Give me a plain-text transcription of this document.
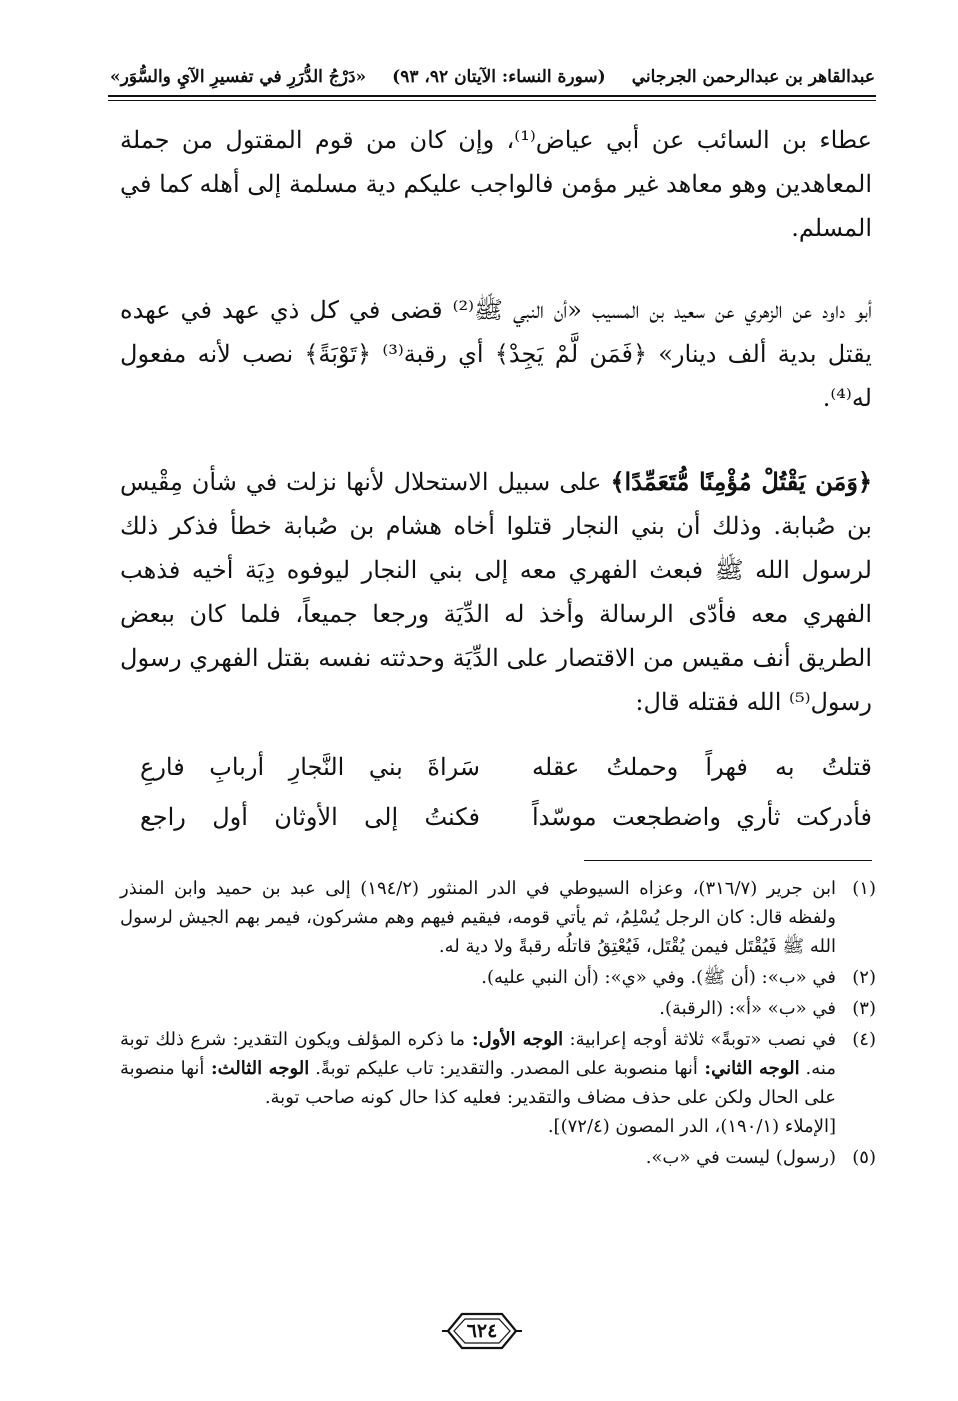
عبدالقاهر بن عبدالرحمن الجرجاني
(سورة النساء: الآيتان ٩٢، ٩٣)
«دَرْجُ الدُّرَرِ في تفسيرِ الآيِ والسُّوَر»
عطاء بن السائب عن أبي عياض⁽¹⁾، وإن كان من قوم المقتول من جملة المعاهدين وهو معاهد غير مؤمن فالواجب عليكم دية مسلمة إلى أهله كما في المسلم.
أبو داود عن الزهري عن سعيد بن المسيب «أن النبي ﷺ⁽²⁾ قضى في كل ذي عهد في عهده يقتل بدية ألف دينار» ﴿فَمَن لَّمْ يَجِدْ﴾ أي رقبة⁽³⁾ ﴿تَوْبَةً﴾ نصب لأنه مفعول له⁽⁴⁾.
﴿وَمَن يَقْتُلْ مُؤْمِنًا مُّتَعَمِّدًا﴾ على سبيل الاستحلال لأنها نزلت في شأن مِقْيس بن صُبابة. وذلك أن بني النجار قتلوا أخاه هشام بن صُبابة خطأ فذكر ذلك لرسول الله ﷺ فبعث الفهري معه إلى بني النجار ليوفوه دِيَة أخيه فذهب الفهري معه فأدّى الرسالة وأخذ له الدِّيَة ورجعا جميعاً، فلما كان ببعض الطريق أنف مقيس من الاقتصار على الدِّيَة وحدثته نفسه بقتل الفهري رسول رسول⁽⁵⁾ الله فقتله قال:
قتلتُ به فهراً وحملتُ عقله
سَراةَ بني النَّجارِ أربابِ فارعِ
فأدركت ثأري واضطجعت موسّداً
فكنتُ إلى الأوثان أول راجع
(١)
ابن جرير (٣١٦/٧)، وعزاه السيوطي في الدر المنثور (١٩٤/٢) إلى عبد بن حميد وابن المنذر ولفظه قال: كان الرجل يُسْلِمُ، ثم يأتي قومه، فيقيم فيهم وهم مشركون، فيمر بهم الجيش لرسول الله ﷺ فَيُقْتَل فيمن يُقْتَل، فَيُعْتِقُ قاتلُه رقبةً ولا دية له.
(٢)
في «ب»: (أن ﷺ). وفي «ي»: (أن النبي عليه).
(٣)
في «ب» «أ»: (الرقبة).
(٤)
في نصب «توبةً» ثلاثة أوجه إعرابية: الوجه الأول: ما ذكره المؤلف ويكون التقدير: شرع ذلك توبة منه. الوجه الثاني: أنها منصوبة على المصدر. والتقدير: تاب عليكم توبةً. الوجه الثالث: أنها منصوبة على الحال ولكن على حذف مضاف والتقدير: فعليه كذا حال كونه صاحب توبة.
[الإملاء (١٩٠/١)، الدر المصون (٧٢/٤)].
(٥)
(رسول) ليست في «ب».
٦٢٤
